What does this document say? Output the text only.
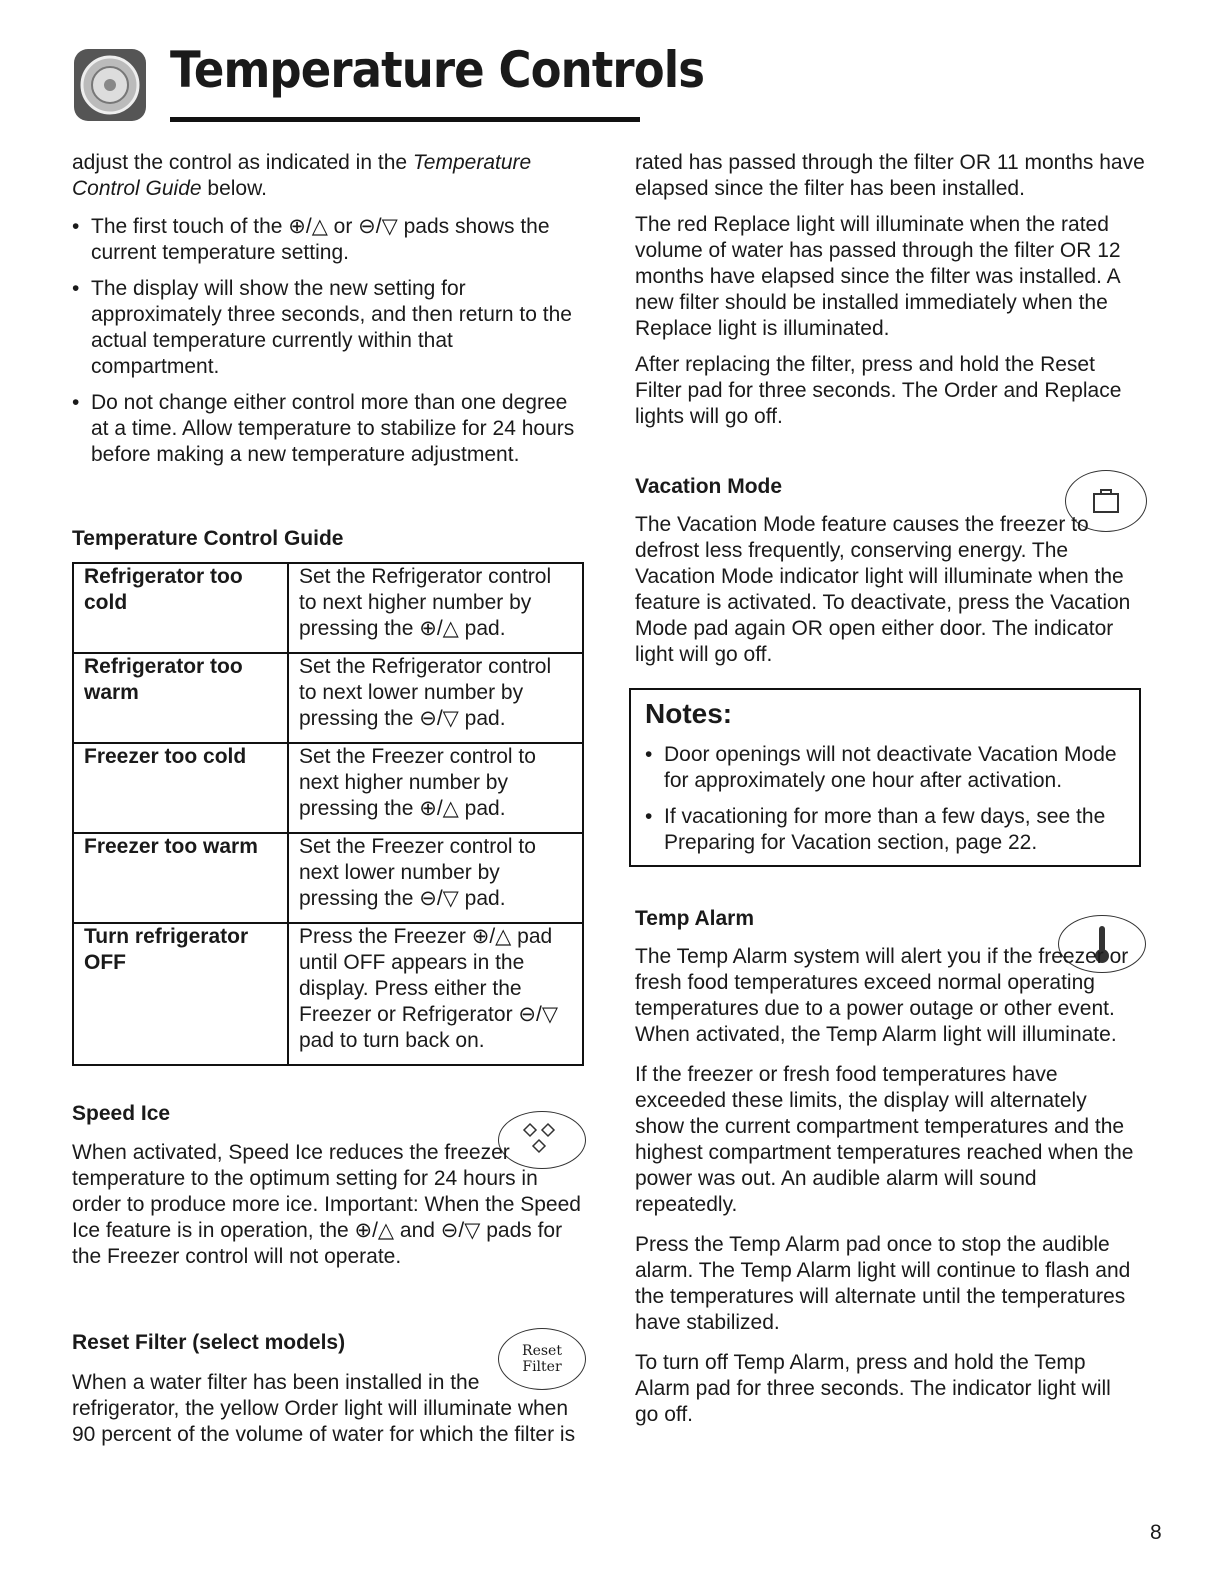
Temperature Controls

adjust the control as indicated in the Temperature Control Guide below.

• The first touch of the ⊕/△ or ⊖/▽ pads shows the current temperature setting.

• The display will show the new setting for approximately three seconds, and then return to the actual temperature currently within that compartment.

• Do not change either control more than one degree at a time. Allow temperature to stabilize for 24 hours before making a new temperature adjustment.

Temperature Control Guide
Refrigerator too cold	Set the Refrigerator control to next higher number by pressing the ⊕/△ pad.
Refrigerator too warm	Set the Refrigerator control to next lower number by pressing the ⊖/▽ pad.
Freezer too cold	Set the Freezer control to next higher number by pressing the ⊕/△ pad.
Freezer too warm	Set the Freezer control to next lower number by pressing the ⊖/▽ pad.
Turn refrigerator OFF	Press the Freezer ⊕/△ pad until OFF appears in the display. Press either the Freezer or Refrigerator ⊖/▽ pad to turn back on.
Speed Ice

When activated, Speed Ice reduces the freezer temperature to the optimum setting for 24 hours in order to produce more ice. Important: When the Speed Ice feature is in operation, the ⊕/△ and ⊖/▽ pads for the Freezer control will not operate.

Reset Filter (select models)	Reset Filter

When a water filter has been installed in the refrigerator, the yellow Order light will illuminate when 90 percent of the volume of water for which the filter is

rated has passed through the filter OR 11 months have elapsed since the filter has been installed.

The red Replace light will illuminate when the rated volume of water has passed through the filter OR 12 months have elapsed since the filter was installed. A new filter should be installed immediately when the Replace light is illuminated.

After replacing the filter, press and hold the Reset Filter pad for three seconds. The Order and Replace lights will go off.

Vacation Mode

The Vacation Mode feature causes the freezer to defrost less frequently, conserving energy. The Vacation Mode indicator light will illuminate when the feature is activated. To deactivate, press the Vacation Mode pad again OR open either door. The indicator light will go off.

Notes:

• Door openings will not deactivate Vacation Mode for approximately one hour after activation.

• If vacationing for more than a few days, see the Preparing for Vacation section, page 22.

Temp Alarm

The Temp Alarm system will alert you if the freezer or fresh food temperatures exceed normal operating temperatures due to a power outage or other event. When activated, the Temp Alarm light will illuminate.

If the freezer or fresh food temperatures have exceeded these limits, the display will alternately show the current compartment temperatures and the highest compartment temperatures reached when the power was out. An audible alarm will sound repeatedly.

Press the Temp Alarm pad once to stop the audible alarm. The Temp Alarm light will continue to flash and the temperatures will alternate until the temperatures have stabilized.

To turn off Temp Alarm, press and hold the Temp Alarm pad for three seconds. The indicator light will go off.

8
